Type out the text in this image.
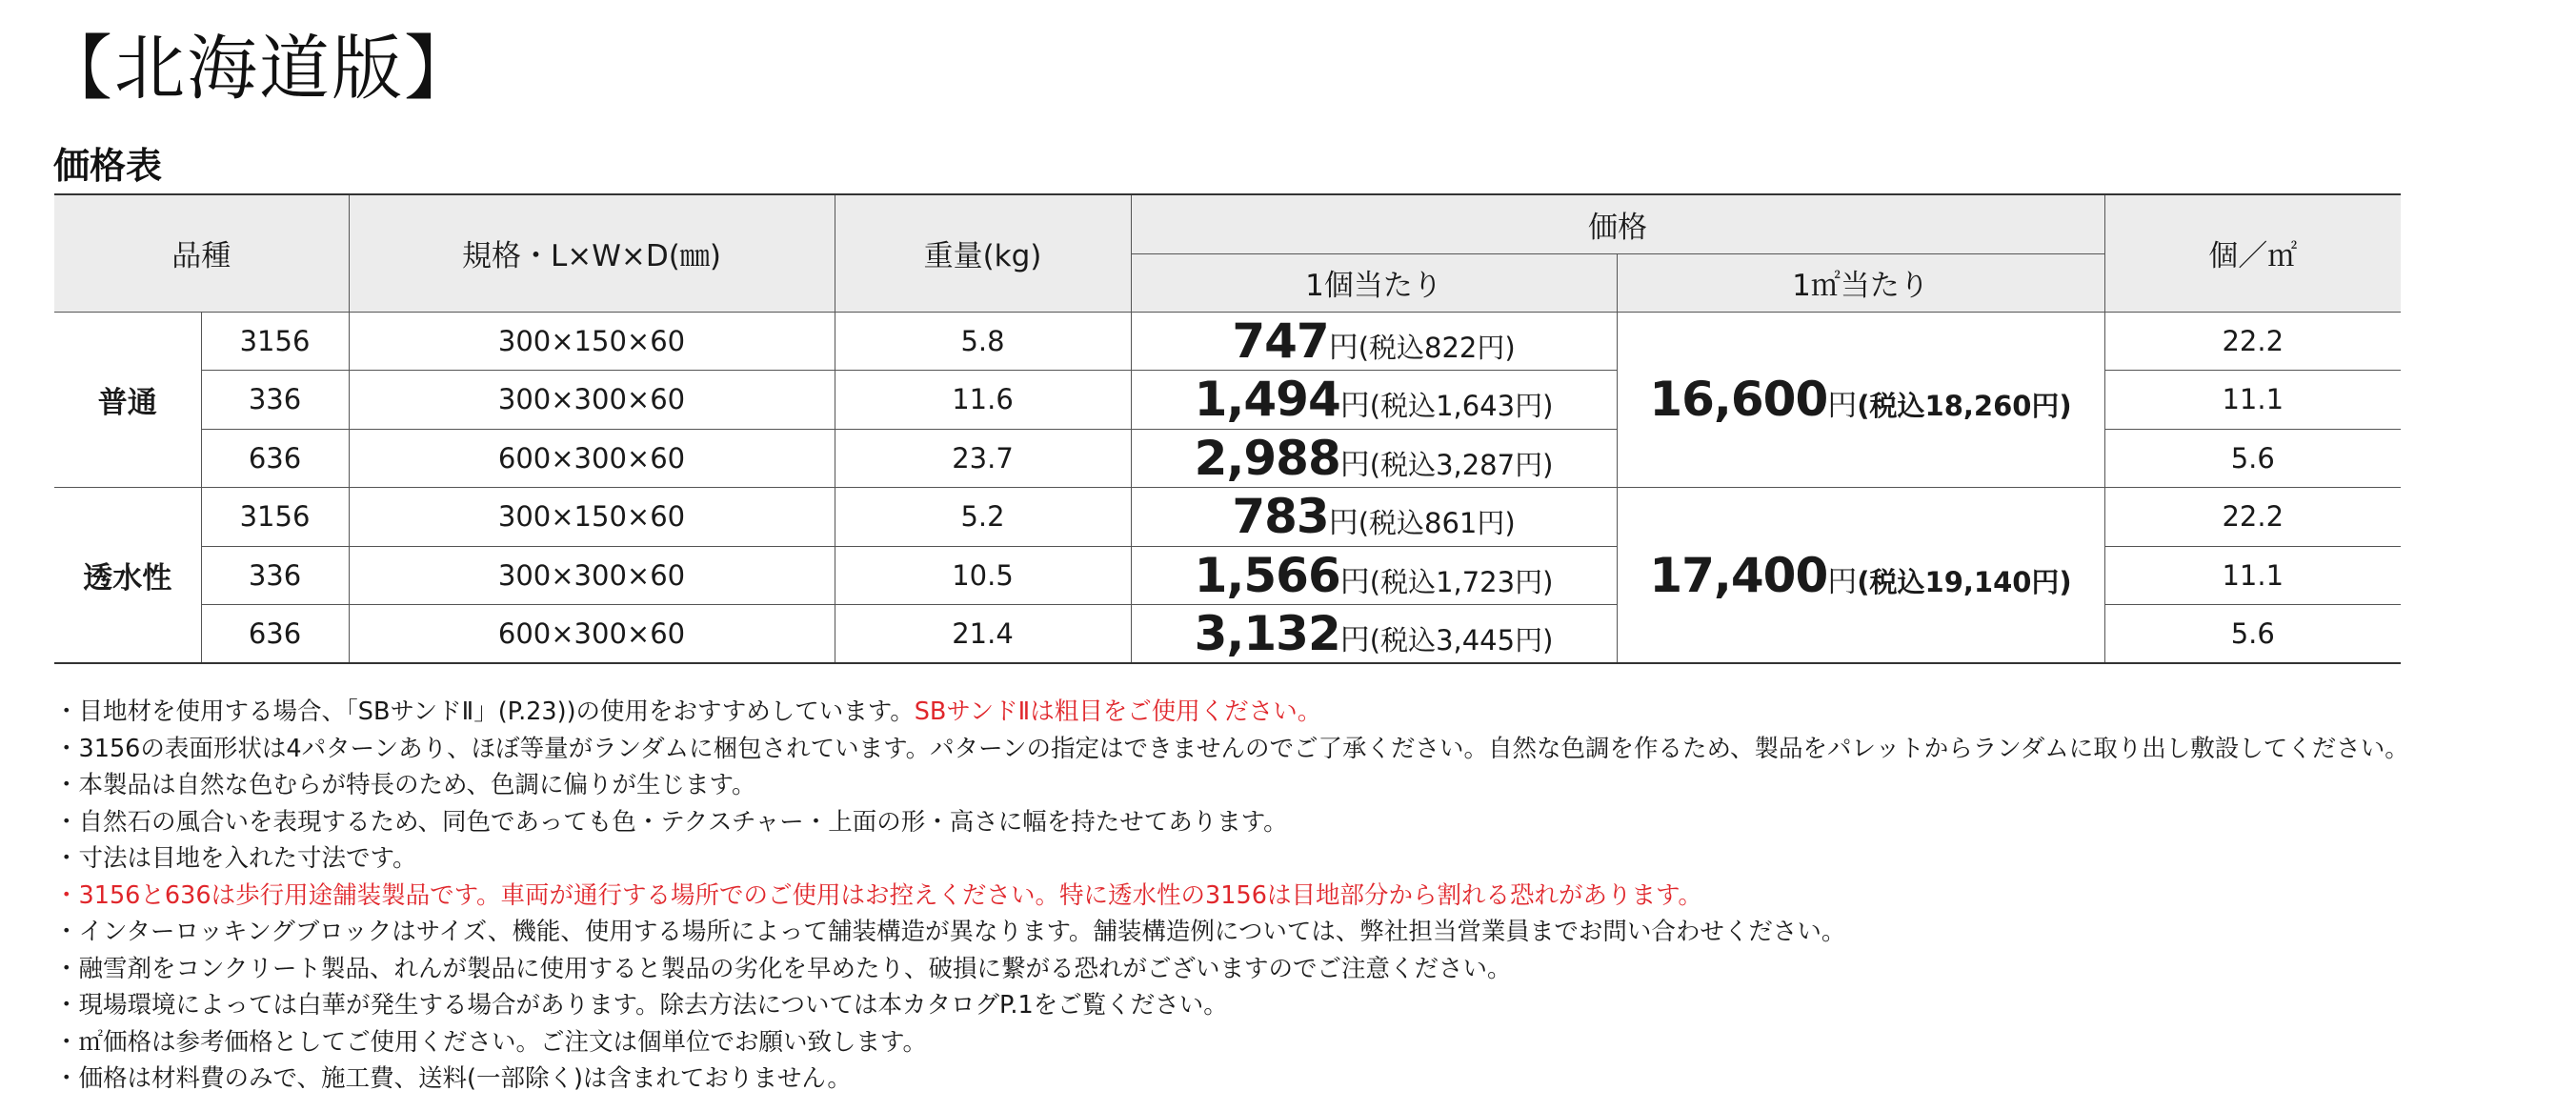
【北海道版】
価格表
品種		規格・L×W×D(㎜)	重量(kg)	価格		個／㎡
				1個当たり	1㎡当たり	
普通	3156	300×150×60	5.8	747円(税込822円)	16,600円(税込18,260円)	22.2
	336	300×300×60	11.6	1,494円(税込1,643円)		11.1
	636	600×300×60	23.7	2,988円(税込3,287円)		5.6
透水性	3156	300×150×60	5.2	783円(税込861円)	17,400円(税込19,140円)	22.2
	336	300×300×60	10.5	1,566円(税込1,723円)		11.1
	636	600×300×60	21.4	3,132円(税込3,445円)		5.6
・ 目地材を使用する場合、「SBサンドⅡ」(P.23))の使用をおすすめしています。SBサンドⅡは粗目をご使用ください。
・ 3156の表面形状は4パターンあり、ほぼ等量がランダムに梱包されています。パターンの指定はできませんのでご了承ください。自然な色調を作るため、製品をパレットからランダムに取り出し敷設してください。
・ 本製品は自然な色むらが特長のため、色調に偏りが生じます。
・ 自然石の風合いを表現するため、同色であっても色・テクスチャー・上面の形・高さに幅を持たせてあります。
・ 寸法は目地を入れた寸法です。
・ 3156と636は歩行用途舗装製品です。車両が通行する場所でのご使用はお控えください。特に透水性の3156は目地部分から割れる恐れがあります。
・ インターロッキングブロックはサイズ、機能、使用する場所によって舗装構造が異なります。舗装構造例については、弊社担当営業員までお問い合わせください。
・ 融雪剤をコンクリート製品、れんが製品に使用すると製品の劣化を早めたり、破損に繋がる恐れがございますのでご注意ください。
・ 現場環境によっては白華が発生する場合があります。除去方法については本カタログP.1をご覧ください。
・ ㎡価格は参考価格としてご使用ください。ご注文は個単位でお願い致します。
・ 価格は材料費のみで、施工費、送料(一部除く)は含まれておりません。
